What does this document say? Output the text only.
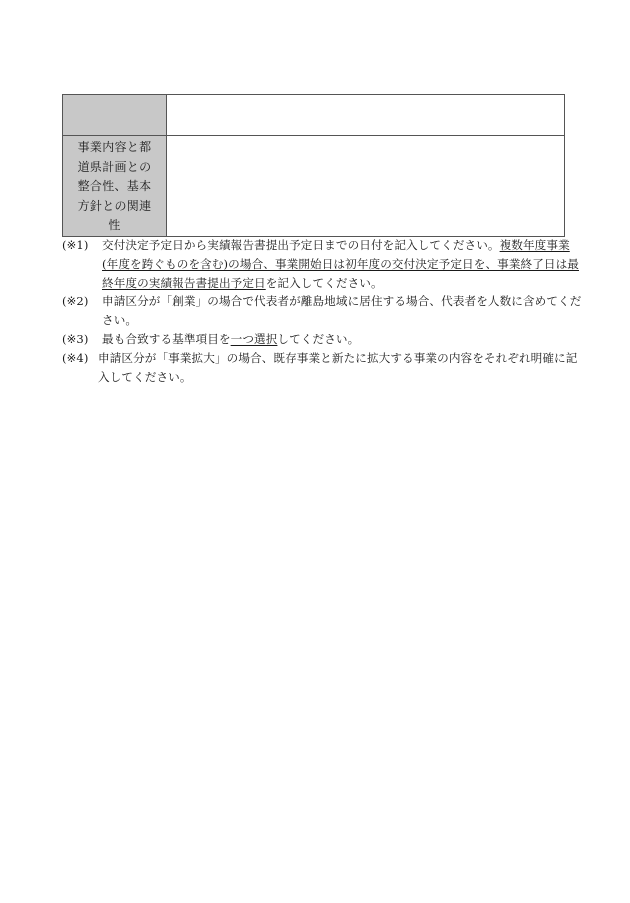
事業内容と都
道県計画との
整合性、基本
方針との関連
性	

(※1) 交付決定予定日から実績報告書提出予定日までの日付を記入してください。複数年度事業(年度を跨ぐものを含む)の場合、事業開始日は初年度の交付決定予定日を、事業終了日は最終年度の実績報告書提出予定日を記入してください。
(※2) 申請区分が「創業」の場合で代表者が離島地域に居住する場合、代表者を人数に含めてください。
(※3) 最も合致する基準項目を一つ選択してください。
(※4) 申請区分が「事業拡大」の場合、既存事業と新たに拡大する事業の内容をそれぞれ明確に記入してください。
